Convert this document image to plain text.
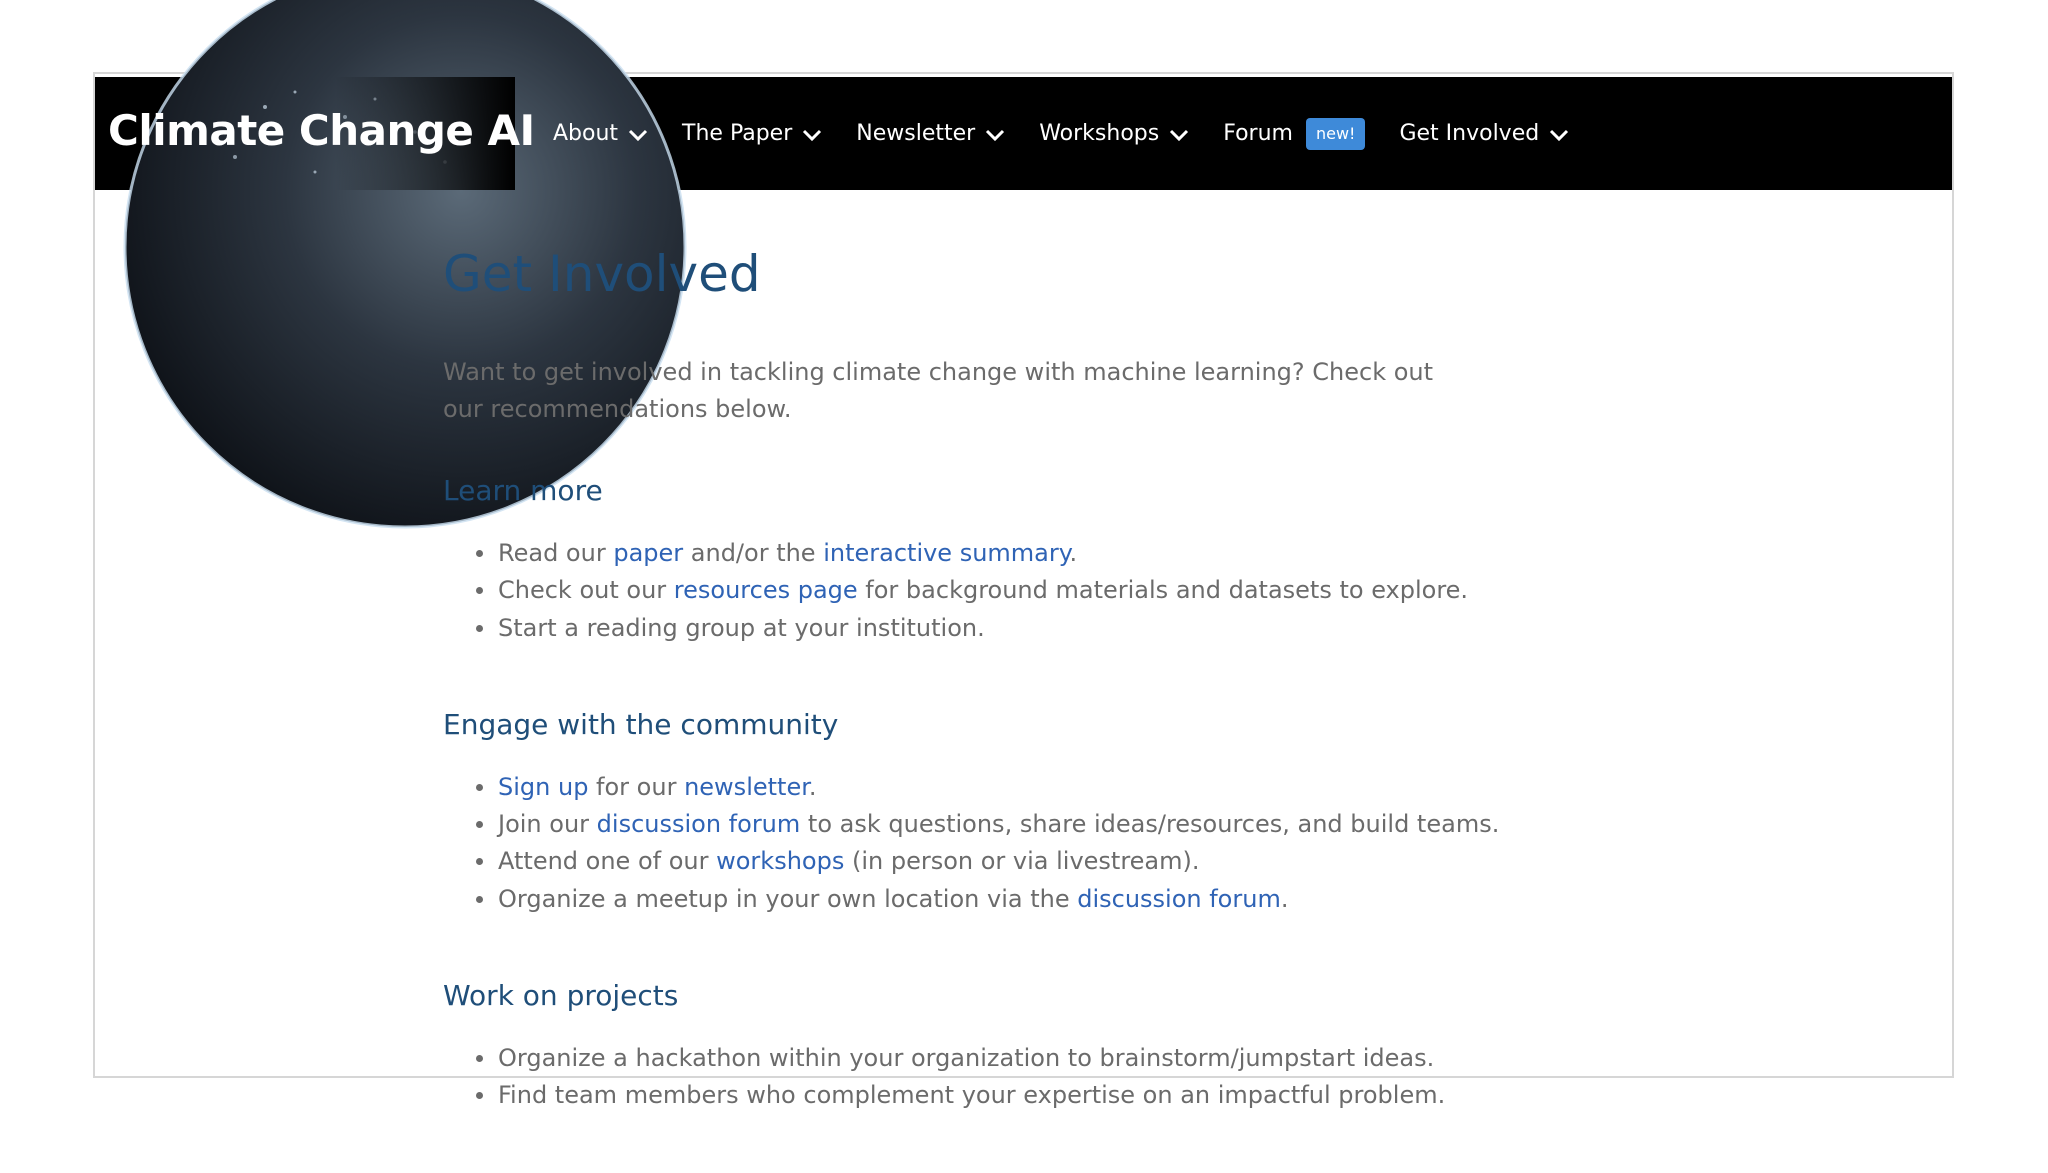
Climate Change AI About	The Paper	Newsletter	Workshops	Forum	new!	Get Involved
Get Involved

Want to get involved in tackling climate change with machine learning? Check out our recommendations below.

Learn more
Read our paper and/or the interactive summary.
Check out our resources page for background materials and datasets to explore.
Start a reading group at your institution.
Engage with the community
Sign up for our newsletter.
Join our discussion forum to ask questions, share ideas/resources, and build teams.
Attend one of our workshops (in person or via livestream).
Organize a meetup in your own location via the discussion forum.
Work on projects
Organize a hackathon within your organization to brainstorm/jumpstart ideas.
Find team members who complement your expertise on an impactful problem.
